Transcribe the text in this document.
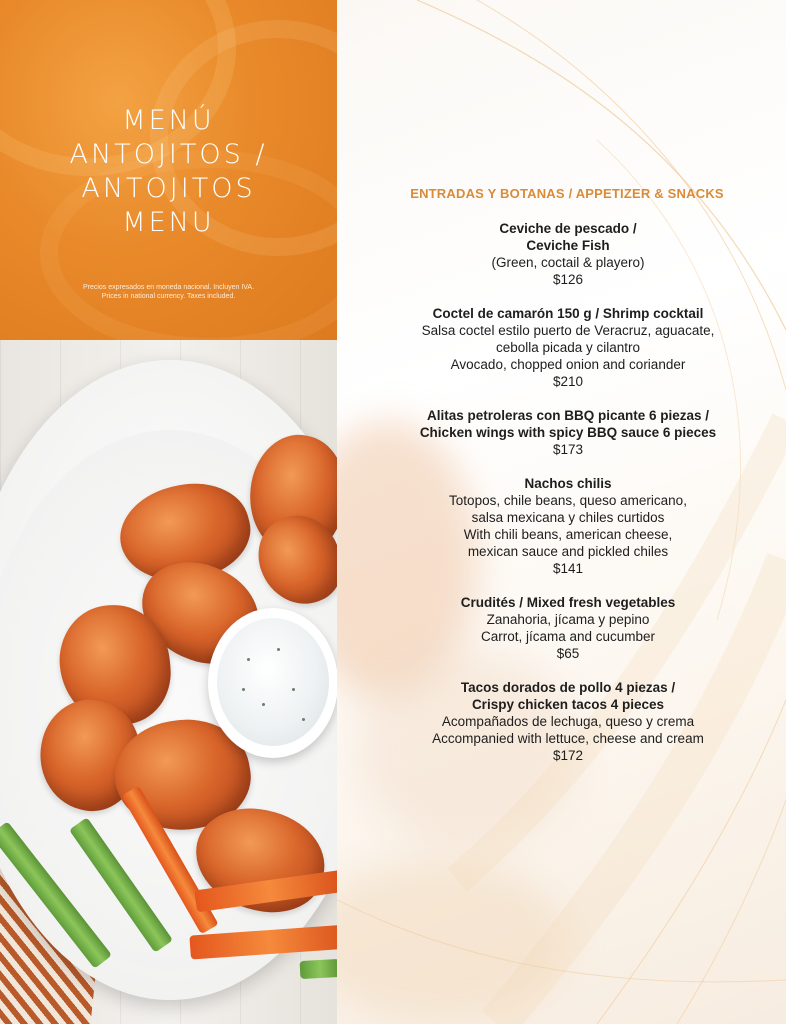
MENÚ
ANTOJITOS /
ANTOJITOS
MENU
Precios expresados en moneda nacional. Incluyen IVA.
Prices in national currency. Taxes included.
ENTRADAS Y BOTANAS / APPETIZER & SNACKS
Ceviche de pescado /
Ceviche Fish
(Green, coctail & playero)
$126
Coctel de camarón 150 g / Shrimp cocktail
Salsa coctel estilo puerto de Veracruz, aguacate,
cebolla picada y cilantro
Avocado, chopped onion and coriander
$210
Alitas petroleras con BBQ picante 6 piezas /
Chicken wings with spicy BBQ sauce 6 pieces
$173
Nachos chilis
Totopos, chile beans, queso americano,
salsa mexicana y chiles curtidos
With chili beans, american cheese,
mexican sauce and pickled chiles
$141
Crudités / Mixed fresh vegetables
Zanahoria, jícama y pepino
Carrot, jícama and cucumber
$65
Tacos dorados de pollo 4 piezas /
Crispy chicken tacos 4 pieces
Acompañados de lechuga, queso y crema
Accompanied with lettuce, cheese and cream
$172
